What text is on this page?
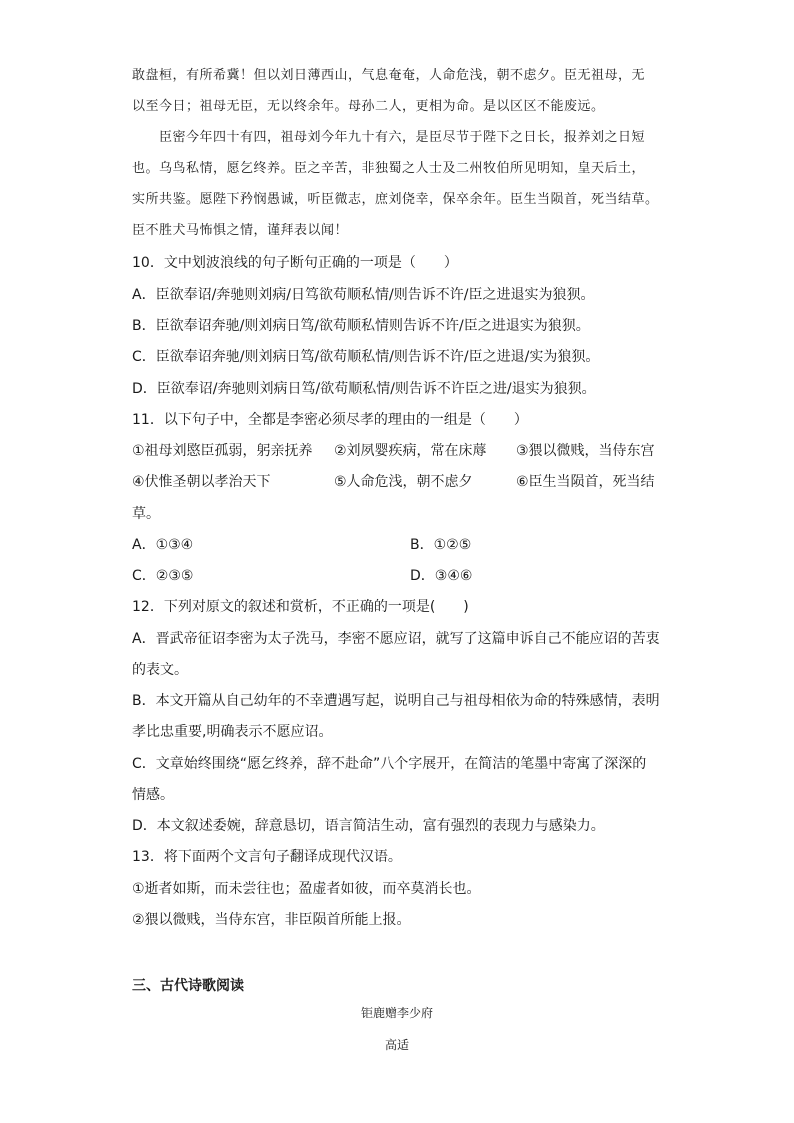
敢盘桓，有所希冀！但以刘日薄西山，气息奄奄，人命危浅，朝不虑夕。臣无祖母，无
以至今日；祖母无臣，无以终余年。母孙二人，更相为命。是以区区不能废远。
　　臣密今年四十有四，祖母刘今年九十有六，是臣尽节于陛下之日长，报养刘之日短
也。乌鸟私情，愿乞终养。臣之辛苦，非独蜀之人士及二州牧伯所见明知，皇天后土，
实所共鉴。愿陛下矜悯愚诚，听臣微志，庶刘侥幸，保卒余年。臣生当陨首，死当结草。
臣不胜犬马怖惧之情，谨拜表以闻！
10．文中划波浪线的句子断句正确的一项是（　　）
A．臣欲奉诏/奔驰则刘病/日笃欲苟顺私情/则告诉不许/臣之进退实为狼狈。
B．臣欲奉诏奔驰/则刘病日笃/欲苟顺私情则告诉不许/臣之进退实为狼狈。
C．臣欲奉诏奔驰/则刘病日笃/欲苟顺私情/则告诉不许/臣之进退/实为狼狈。
D．臣欲奉诏/奔驰则刘病日笃/欲苟顺私情/则告诉不许臣之进/退实为狼狈。
11．以下句子中，全都是李密必须尽孝的理由的一组是（　　）
①祖母刘愍臣孤弱，躬亲抚养 ②刘夙婴疾病，常在床蓐 ③猥以微贱，当侍东宫
④伏惟圣朝以孝治天下	⑤人命危浅，朝不虑夕	⑥臣生当陨首，死当结
草。
A．①③④	B．①②⑤
C．②③⑤	D．③④⑥
12．下列对原文的叙述和赏析，不正确的一项是(　　)
A．晋武帝征诏李密为太子洗马，李密不愿应诏，就写了这篇申诉自己不能应诏的苦衷
的表文。
B．本文开篇从自己幼年的不幸遭遇写起，说明自己与祖母相依为命的特殊感情，表明
孝比忠重要,明确表示不愿应诏。
C．文章始终围绕“愿乞终养，辞不赴命”八个字展开，在简洁的笔墨中寄寓了深深的
情感。
D．本文叙述委婉，辞意恳切，语言简洁生动，富有强烈的表现力与感染力。
13．将下面两个文言句子翻译成现代汉语。
①逝者如斯，而未尝往也；盈虚者如彼，而卒莫消长也。
②猥以微贱，当侍东宫，非臣陨首所能上报。
三、古代诗歌阅读
钜鹿赠李少府
高适
